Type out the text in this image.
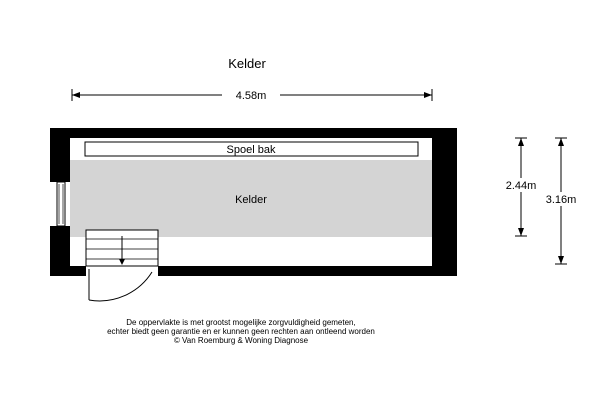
Kelder
4.58m
Spoel bak
Kelder
2.44m
3.16m
De oppervlakte is met grootst mogelijke zorgvuldigheid gemeten,
echter biedt geen garantie en er kunnen geen rechten aan ontleend worden
© Van Roemburg & Woning Diagnose
